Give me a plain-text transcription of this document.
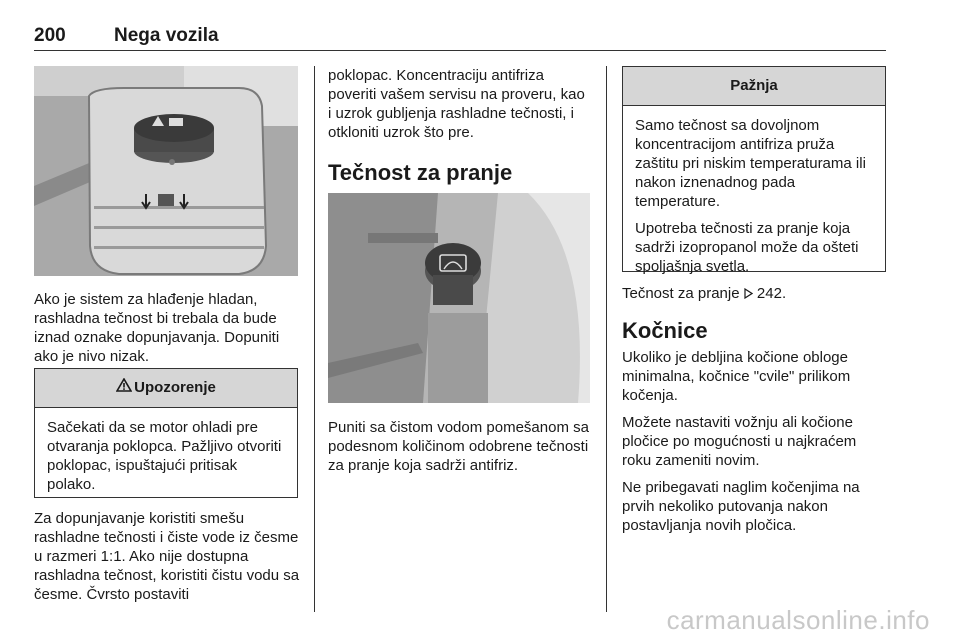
200	Nega vozila

Ako je sistem za hlađenje hladan, rashladna tečnost bi trebala da bude iznad oznake dopunjavanja. Dopuniti ako je nivo nizak.

Upozorenje

Sačekati da se motor ohladi pre otvaranja poklopca. Pažljivo otvoriti poklopac, ispuštajući pritisak polako.

Za dopunjavanje koristiti smešu rashladne tečnosti i čiste vode iz česme u razmeri 1:1. Ako nije dostupna rashladna tečnost, koristiti čistu vodu sa česme. Čvrsto postaviti

poklopac. Koncentraciju antifriza poveriti vašem servisu na proveru, kao i uzrok gubljenja rashladne tečnosti, i otkloniti uzrok što pre.

Tečnost za pranje

Puniti sa čistom vodom pomešanom sa podesnom količinom odobrene tečnosti za pranje koja sadrži antifriz.

Pažnja

Samo tečnost sa dovoljnom koncentracijom antifriza pruža zaštitu pri niskim temperaturama ili nakon iznenadnog pada temperature.

Upotreba tečnosti za pranje koja sadrži izopropanol može da ošteti spoljašnja svetla.

Tečnost za pranje 242.

Kočnice

Ukoliko je debljina kočione obloge minimalna, kočnice "cvile" prilikom kočenja.

Možete nastaviti vožnju ali kočione pločice po mogućnosti u najkraćem roku zameniti novim.

Ne pribegavati naglim kočenjima na prvih nekoliko putovanja nakon postavljanja novih pločica.

carmanualsonline.info
